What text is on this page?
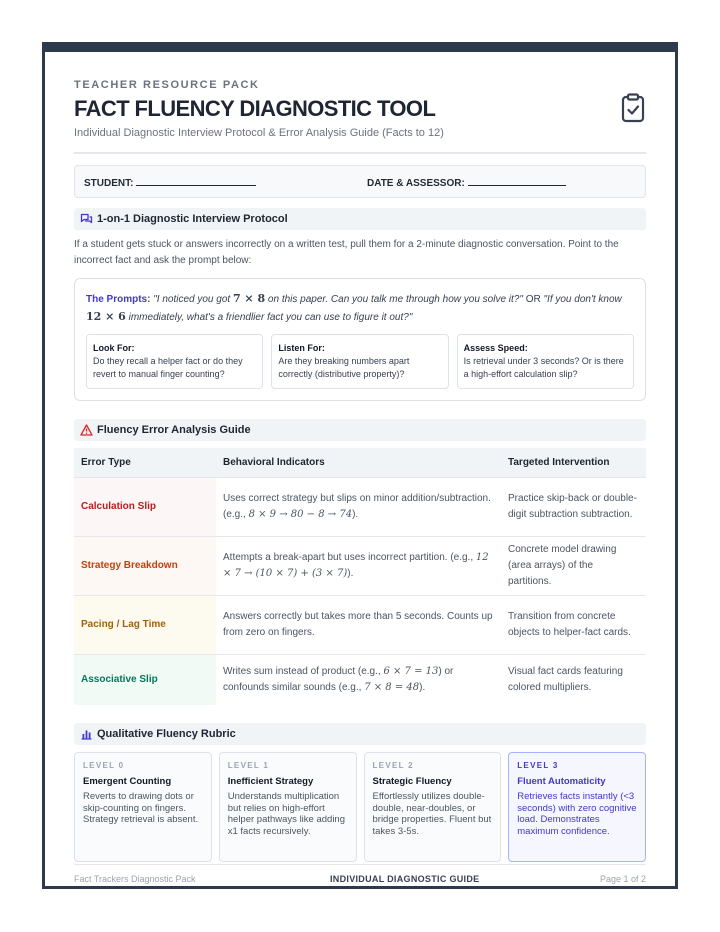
TEACHER RESOURCE PACK
FACT FLUENCY DIAGNOSTIC TOOL
Individual Diagnostic Interview Protocol & Error Analysis Guide (Facts to 12)
STUDENT:	DATE & ASSESSOR:
1-on-1 Diagnostic Interview Protocol
If a student gets stuck or answers incorrectly on a written test, pull them for a 2-minute diagnostic conversation. Point to the incorrect fact and ask the prompt below:
The Prompts: "I noticed you got 7 × 8 on this paper. Can you talk me through how you solve it?" OR "If you don't know 12 × 6 immediately, what's a friendlier fact you can use to figure it out?"
Look For:
Do they recall a helper fact or do they revert to manual finger counting?
Listen For:
Are they breaking numbers apart correctly (distributive property)?
Assess Speed:
Is retrieval under 3 seconds? Or is there a high-effort calculation slip?
Fluency Error Analysis Guide
Error Type	Behavioral Indicators	Targeted Intervention
Calculation Slip	Uses correct strategy but slips on minor addition/subtraction. (e.g., 8 × 9 → 80 − 8 → 74).	Practice skip-back or double-digit subtraction subtraction.
Strategy Breakdown	Attempts a break-apart but uses incorrect partition. (e.g., 12 × 7 → (10 × 7) + (3 × 7)).	Concrete model drawing (area arrays) of the partitions.
Pacing / Lag Time	Answers correctly but takes more than 5 seconds. Counts up from zero on fingers.	Transition from concrete objects to helper-fact cards.
Associative Slip	Writes sum instead of product (e.g., 6 × 7 = 13) or confounds similar sounds (e.g., 7 × 8 = 48).	Visual fact cards featuring colored multipliers.
Qualitative Fluency Rubric
LEVEL 0
Emergent Counting
Reverts to drawing dots or skip-counting on fingers. Strategy retrieval is absent.
LEVEL 1
Inefficient Strategy
Understands multiplication but relies on high-effort helper pathways like adding x1 facts recursively.
LEVEL 2
Strategic Fluency
Effortlessly utilizes double-double, near-doubles, or bridge properties. Fluent but takes 3-5s.
LEVEL 3
Fluent Automaticity
Retrieves facts instantly (<3 seconds) with zero cognitive load. Demonstrates maximum confidence.
Fact Trackers Diagnostic Pack	INDIVIDUAL DIAGNOSTIC GUIDE	Page 1 of 2
